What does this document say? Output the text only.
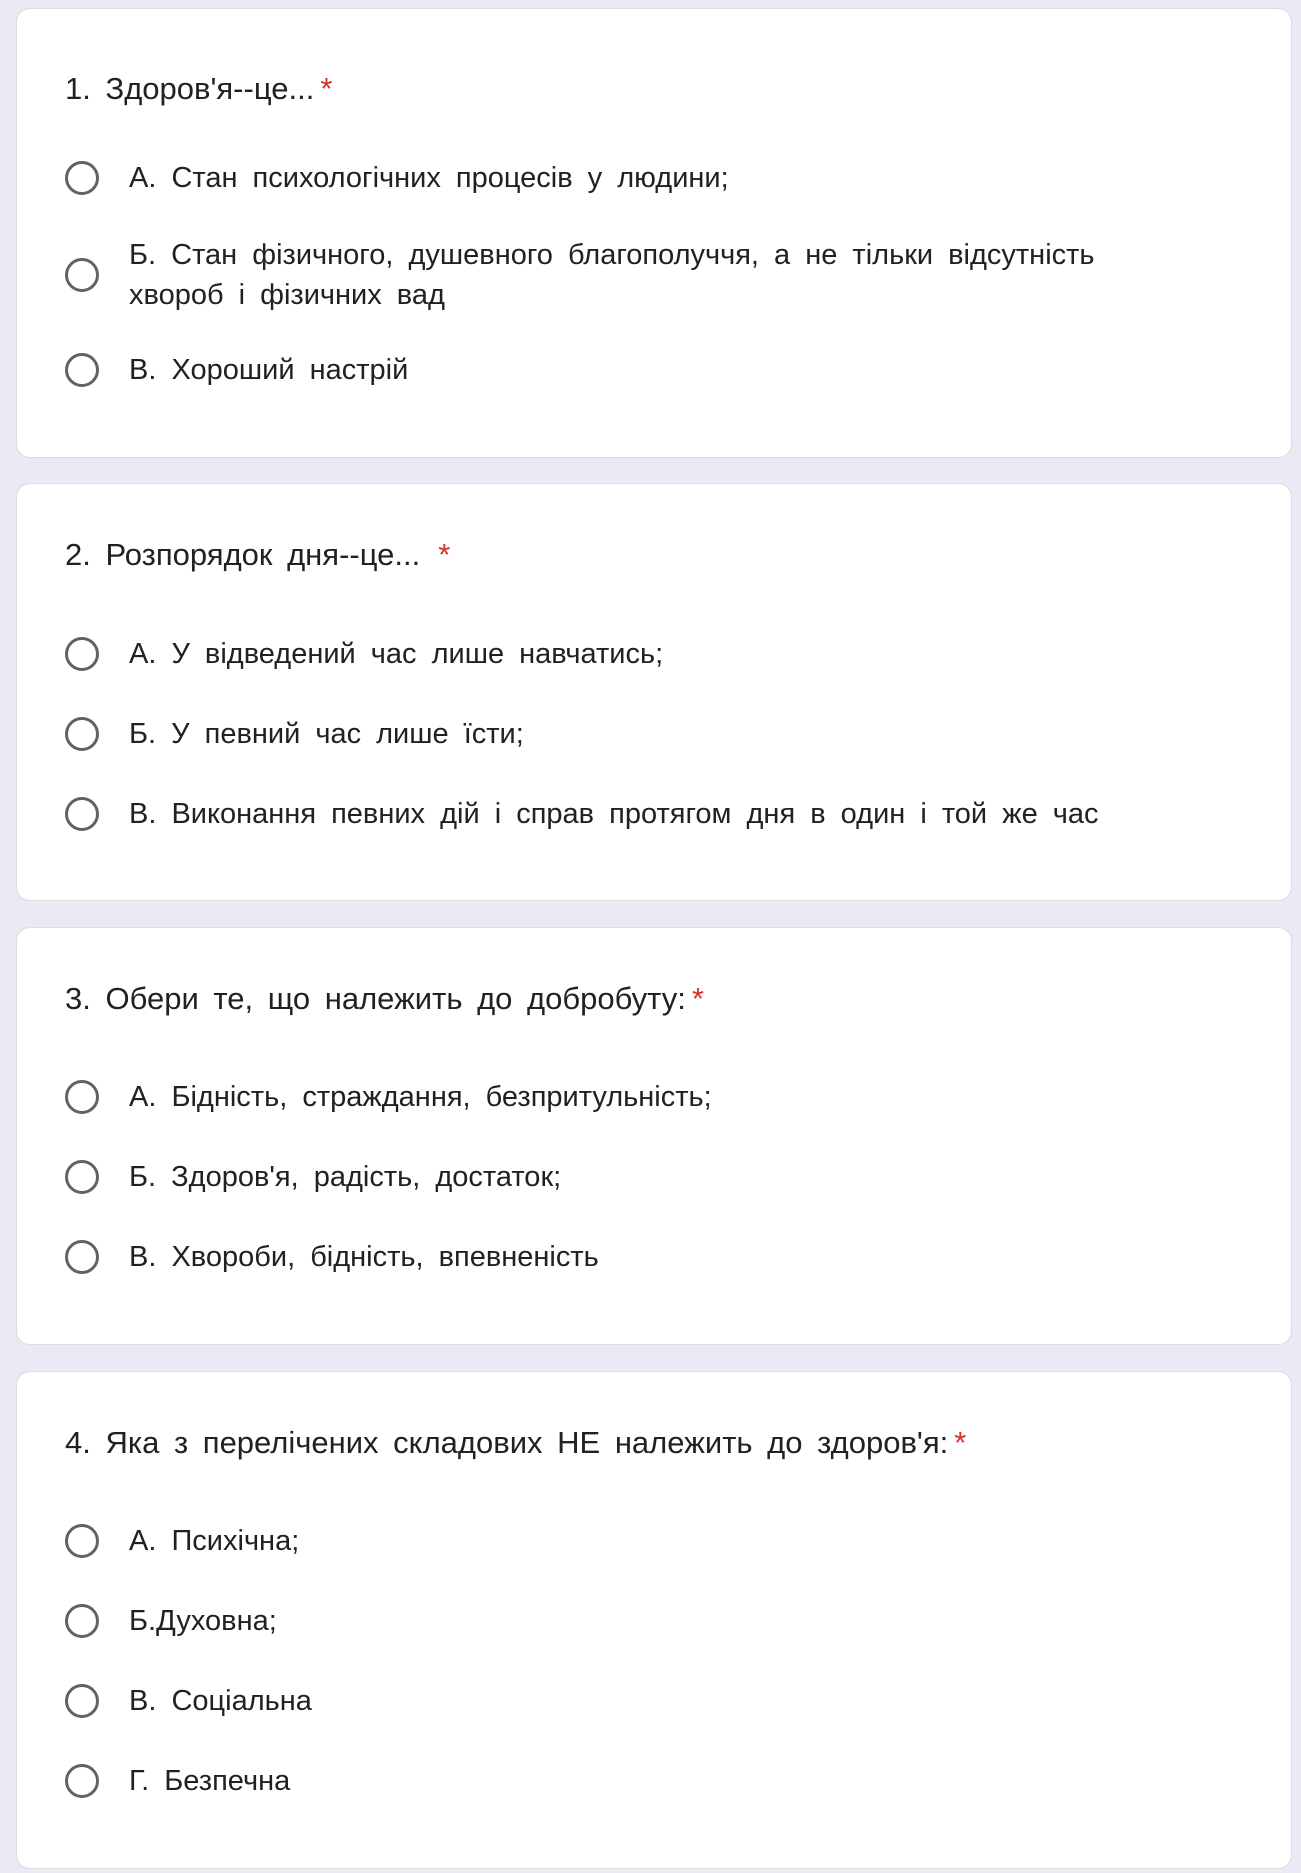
1. Здоров'я--це... *
А. Стан психологічних процесів у людини;
Б. Стан фізичного, душевного благополуччя, а не тільки відсутність хвороб і фізичних вад
В. Хороший настрій
2. Розпорядок дня--це... *
А. У відведений час лише навчатись;
Б. У певний час лише їсти;
В. Виконання певних дій і справ протягом дня в один і той же час
3. Обери те, що належить до добробуту: *
А. Бідність, страждання, безпритульність;
Б. Здоров'я, радість, достаток;
В. Хвороби, бідність, впевненість
4. Яка з перелічених складових НЕ належить до здоров'я: *
А. Психічна;
Б.Духовна;
В. Соціальна
Г. Безпечна
